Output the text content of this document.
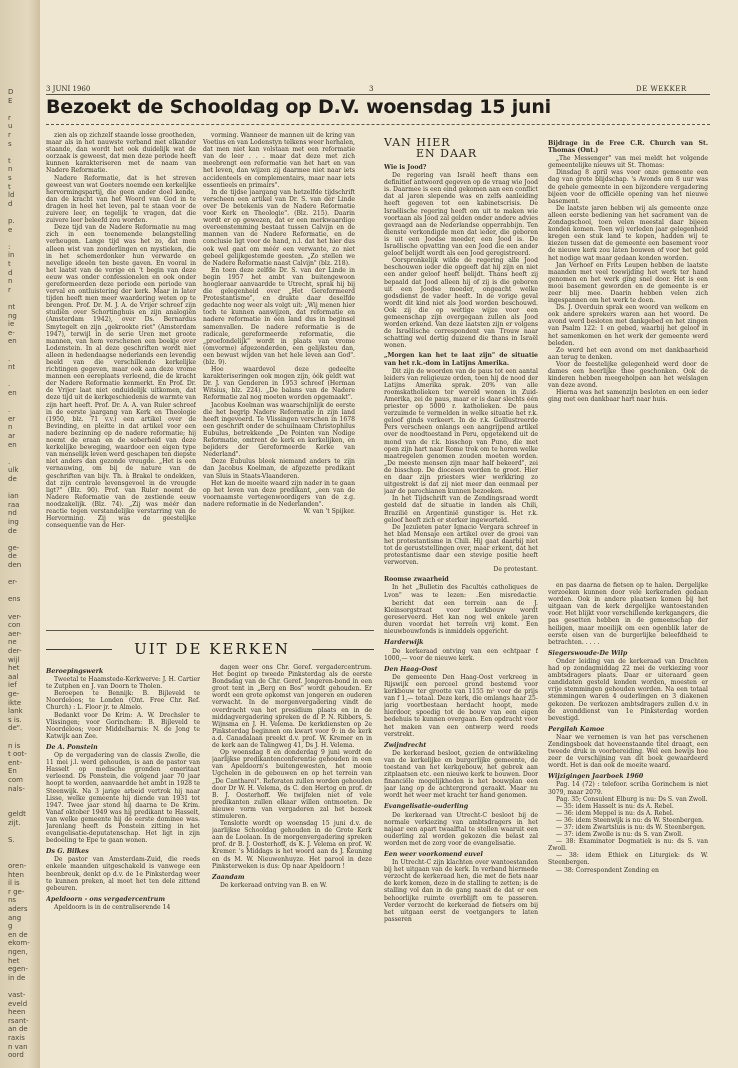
D
E
r
u
r
s
t
n
s
t
ld
d
p.
e
:
in
t
d
n
r
nt
ng
ie
e-
en
.
nt
.
en
.
er
n
ar
en
.
ulk
de
ian
raa
nd
ing
de
ge-
de
den
er-
ens
ver-
con
aer-
ne
der-
wijl
het
aal
ief
ge-
ikte
lank
s is.
de".
n is
t oot-
ent-
En
com
nals-
geldt
zijt.
S.
oren-
hten
il is
r ge-
ns
aders
ang
g
en de
ekom-
ngen,
het
egen-
in de
vast-
eveld
heen
rsant-
an de
raxis
n van
oord
3 JUNI 1960	3	DE WEKKER
Bezoekt de Schooldag op D.V. woensdag 15 juni

zien als op zichzelf staande losse grootheden, maar als in het nauwste verband met elkander staande, dan wordt het ook duidelijk wat de oorzaak is geweest, dat men deze periode heeft kunnen karakteriseren met de naam van Nadere Reformatie.

Nadere Reformatie, dat is het streven geweest van wat Goeters noemde een kerkelijke hervormingspartij, die geen ander doel kende, dan de kracht van het Woord van God in te dragen in heel het leven, pal te staan voor de zuivere leer, en tegelijk te vragen, dat die zuivere leer beleefd zou worden.

Deze tijd van de Nadere Reformatie nu mag zich in een toenemende belangstelling verheugen. Lange tijd was het zo, dat men alleen wist van zonderlingen en mystieken, die in het schemerdonker hun verwarde en nevelige ideeën ten beste gaven. En vooral in het laatst van de vorige en 't begin van deze eeuw was onder confessionelen en ook onder gereformeerden deze periode een periode van verval en ontluistering der kerk. Maar in later tijden heeft men meer waardering weten op te brengen. Prof. Dr. M. J. A. de Vrijer schreef zijn studiën over Schortinghuis en zijn analogiën (Amsterdam 1942), over Ds. Bernardus Smytegelt en zijn „gekrookte riet" (Amsterdam 1947), terwijl in de serie Uren met groote mannen, van hem verschenen een boekje over Lodenstein. In al deze geschriften wordt niet alleen in hedendaagse nederlands een levendig beeld van die verschillende kerkelijke richtingen gegeven, maar ook aan deze vrome mannen een eereplaats verleend, die de kracht der Nadere Reformatie kenmerkt. En Prof. Dr. de Vrijer laat niet onduidelijk uitkomen, dat deze tijd uit de kerkgeschiedenis de warmte van zijn hart heeft. Prof. Dr. A. A. van Ruler schreef in de eerste jaargang van Kerk en Theologie (1950, blz. 71 v.v.) een artikel over de Bevinding, en pleitte in dat artikel voor een nadere bezinning op de nadere reformatie; hij noemt de eraan en de soberheid van deze kerkelijke beweging, waardoor een eigen type van menselijk leven werd geschapen ten diepste niet anders dan gezonde vreugde. „Het is een vernauwing, om bij de nature van de geschriften van bijv. Th. à Brakel te ondekken, dat zijn centrale levensgevoel in de vreugde ligt?" (Blz. 90). Prof. van Ruler noemt de Nadere Reformatie van de zestiende eeuw noodzakelijk. (Blz. 74). „Zij was méér dan reactie tegen verstandelijke verstarring van de Hervorming. Zij was de geestelijke consequentie van de Her-

vorming. Wanneer de mannen uit de kring van Voetius en van Lodenstyn telkens weer herhalen, dat men niet kan volstaan met een reformatie van de leer . . . maar dat deze met zich meebrengt een reformatie van het hart en van het leven, dan wijzen zij daarmee niet naar iets accidenteels en complementairs, maar naar iets essentieels en primairs".

In de tijdse jaargang van hetzelfde tijdschrift verscheen een artikel van Dr. S. van der Linde over De betekenis van de Nadere Reformatie voor Kerk en Theologie". (Blz. 215). Daarin wordt er op gewezen, dat er een merkwaardige overeenstemming bestaat tussen Calvijn en de mannen van de Nadere Reformatie, en de conclusie ligt voor de hand, n.l. dat het hier dus ook wel gaat om méér een verwante, zo niet gebeel gelijkgestemde geesten. „Zo stellen we de Nadere Reformatie naast Calvijn" (blz. 218).

En toen deze zelfde Dr. S. van der Linde in begin 1957 het ambt van buitengewoon hoogleraar aanvaardde te Utrecht, sprak hij bij die gelegenheid over „Het Gereformeerd Protestantisme", en drukte daar deselfde gedachte nog weer als volgt uit: „Wij menen hier toch te kunnen aanwijzen, dat reformatie en nadere reformatie in één land dus in beginsel samenvallen. De nadere reformatie is de radicale, gereformeerde reformatie, die „proefondelijk" wordt in plaats van vrome (omvorme) afgezonderden, een gelijksteu dan, een bewust wijden van het hele leven aan God". (blz. 9).

Hoe waardevol deze gedeelte karakteriseringen ook mogen zijn, óók geldt wat Dr. J. van Genderen in 1953 schreef (Herman Witsius, blz. 224). „De balans van de Nadere Reformatie zal nog moeten worden opgemaakt".

Jacobus Koelman was waarschijnlijk de eerste die het begrip Nadere Reformatie in zijn land heeft ingevoerd. Te Vlissingen verschen in 1678 een geschrift onder de schuilnaam Christophilus Eubulus, betrekkende „De Pointen van Nodige Reformatie, omtrent de kerk en kerkelijken, en bejiders der Gereformeerde Kerke van Nederland".

Deze Eubulus bleek niemand anders te zijn dan Jacobus Koelman, de afgezette predikant van Sluis in Staats-Vlaanderen.

Het kan de moeite waard zijn nader in te gaan op het leven van deze predikant, „een van de voornaamste vertegenwoordigers van de z.g. nadere reformatie in de Nederlanden".

W. van 't Spijker.

VAN HIER
EN DAAR
Wie is Jood?

De regering van Israël heeft thans een definitief antwoord gegeven op de vraag wie Jood is. Daarmee is een eind gekomen aan een conflict dat al jaren slepende was en zelfs aanleiding heeft gegeven tot een kabinetscrisis. De Israëlische regering heeft om uit te maken wie voortaan als Jood zal gelden onder andere advies gevraagd aan de Nederlandse opperrabbijn. Ten dienste verkondigde men dat ieder, die geboren is uit een Joodse moeder, een Jood is. De Israëlische opvatting van een Jood die een ander geloof belijdt wordt als een Jood geregistreerd.

Oorspronkelijk wilde de regering alle Jood beschouwen ieder die opgeeft dat hij zijn en niet een ander geloof heeft belijdt. Thans heeft zij bepaald dat Jood alleen hij of zij is die geboren uit een Joodse moeder, ongeacht welke godsdienst de vader heeft. In de vorige geval wordt dit kind niet als Jood worden beschouwd. Ook zij die op wettige wijze voor een gemeenschap zijn overgegaan zullen als Jood worden erkend. Van deze laatsten zijn er volgens de Israëlische correspondent van Trouw naar schatting wel dertig duizend die thans in Israël wonen.

„Morgen kan het te laat zijn" de situatie van het r.k.-dom in Latijns Amerika.

Dit zijn de woorden van de paus tot een aantal leiders van religieuze orden, toen hij de nood der Latijns Amerika sprak. 20% van alle roomskatholieken ter wereld wonen in Zuid-Amerika, zei de paus, maar er is daar slechts één priester op 5000 r. katholieken. De paus verzuimde te vermelden in welke situatie het r.k. geloof ginds verkeert. In de r.k. Geïllustreerde Pers verscheen onlangs een aangrijpend artikel over de noodtoestand in Peru, opgetekend uit de mond van de r.k. bisschop van Puno, die met open zijn hart naar Rome trok om te horen welke maatregelen genomen zouden moeten worden. „De meeste mensen zijn maar half bekeerd", zei de bisschop. De diocesen worden te groot. Hier en daar zijn priesters wier werkkring zo uitgestrekt is dat zij niet meer dan eenmaal per jaar de parochianen kunnen bezoeken.

In het Tijdschrift van de Zendingsraad wordt gesteld dat de situatie in landen als Chili, Brazilië en Argentinië gunstiger is. Het r.k. geloof heeft zich er sterker ingeworteld.

De Jezuïeten pater Ignacio Vergara schreef in het blad Mensaje een artikel over de groei van het protestantisme in Chili. Hij gaat daarbij niet tot de geruststellingen over, maar erkent, dat het protestantisme daar een stevige positie heeft verworven.

De protestant.

Roomse zwaarheid

In het „Bulletin des Facultés catholiques de Lyon" was te lezen: „Een misredactie,

Bijdrage in de Free C.R. Church van St. Thomas (Ont.)

„The Messenger" van mei meldt het volgende gemeentelijke nieuws uit St. Thomas:

Dinsdag 8 april was voor onze gemeente een dag van grote blijdschap. 's Avonds om 8 uur was de gehele gemeente in een bijzondere vergadering bijeen voor de officiële opening van het nieuwe basement.

De laatste jaren hebben wij als gemeente onze alleen eerste bediening van het sacrament van de Zondagschool, toen velen meestal daar bijeen konden komen. Toen wij verleden jaar gelegenheid kregen een stuk land te kopen, hadden wij te kiezen tussen dat de gemeente een basement voor de nieuwe kerk zou laten bouwen of voor het geld het nodige wat maar gedaan konden worden.

Jan Verhoef en Frits Leupen hebben de laatste maanden met veel toewijding het werk ter hand genomen en het werk ging snel door. Het is een mooi basement geworden en de gemeente is er zeer blij mee. Daarin hebben velen zich ingespannen om het werk te doen.

Ds. J. Overduin sprak een woord van welkom en ook andere sprekers waren aan het woord. De avond werd besloten met dankgebed en het zingen van Psalm 122: 1 en gebed, waarbij het geloof in het samenkomen en het werk der gemeente werd beleden.

Zo werd het een avond om met dankbaarheid aan terug te denken.

Voor de feestelijke gelegenheid werd door de dames een heerlijke thee geschonken. Ook de kinderen hebben meegeholpen aan het welslagen van deze avond.

Hierna was het samenzijn besloten en een ieder ging met een dankbaar hart naar huis.

UIT DE KERKEN
Beroepingswerk

Tweetal te Haamstede-Kerkwerve: J. H. Cartier te Zutphen en J. van Doorn te Tholen.

Beroepen te Bennijk: B. Bijleveld te Noordeloos; te Londen (Ont. Free Chr. Ref. Church) : L. Floor jr. te Almelo.

Bedankt voor De Krim: A. W. Drechsler te Vlissingen; voor Gorinchem: B. Bijleveld te Noordeloos; voor Middelharnis: N. de Jong te Katwijk aan Zee.

De A. Ponstein

Op de vergadering van de classis Zwolle, die 11 mei j.l. werd gehouden, is aan de pastor van Hasselt op medische gronden emeritaat verleend. Ds Ponstein, die volgend jaar 70 jaar hoopt te worden, aanvaardde het ambt in 1928 te Steenwijk. Na 3 jarige arbeid vertrok hij naar Lisse, welke gemeente hij diende van 1931 tot 1947. Twee jaar stond hij daarna te De Krim. Vanaf oktober 1949 was hij predikant te Hasselt, van welke gemeente hij de eerste dominee was. Jarenlang heeft ds Ponstein zitting in het evangelisatie-deputatenschap. Het ligt in zijn bedoeling te Epe te gaan wonen.

Ds G. Bilkes

De pastor van Amsterdam-Zuid, die reeds enkele maanden uitgeschakeld is vanwege een beenbreuk, denkt op d.v. de 1e Pinksterdag weer te kunnen preken, al moet het ten dele zittend gebeuren.

Apeldoorn - ons vergadercentrum

Apeldoorn is in de centraliserende 14

dagen weer ons Chr. Geref. vergadercentrum. Het begint op tweede Pinksterdag als de eerste Bondsdag van de Chr. Geref. Jongeren-bond in een groot tent in „Berg en Bos" wordt gehouden. Er wordt een grote opkomst van jongeren en ouderen verwacht. In de morgenvergadering vindt de overdracht van het presidium plaats en in de middagvergadering spreken de dl P. N. Ribbers, S. Wijnsma en J. H. Velema. De kerkdiensten op 2e Pinksterdag beginnen om kwart voor 9: in de kerk a.d. Canadalaan preekt d.v. prof. W. Kremer en in de kerk aan de Talingweg 41, Ds J. H. Velema.

Op woensdag 8 en donderdag 9 juni wordt de jaarlijkse predikantenconferentie gehouden in een van Apeldoorn's buitengewesten, het mooie Ugchelen in de gebouwen en op het terrein van „De Cantharel". Referaten zullen worden gehouden door Dr W. H. Velema, ds C. den Hertog en prof. dr B. J. Oosterhoff. We twijfelen niet of vele predikanten zullen elkaar willen ontmoeten. De nieuwe vorm van vergaderen zal het bezoek stimuleren.

Tenslotte wordt op woensdag 15 juni d.v. de jaarlijkse Schooldag gehouden in de Grote Kerk aan de Loolaan. In de morgenvergadering spreken prof. dr B. J. Oosterhoff, ds K. J. Velema en prof. W. Kremer. 's Middags is het woord aan ds J. Keuning en ds M. W. Nieuwenhuyze. Het parool in deze Pinksterweken is dus: Op naar Apeldoorn !

Zaandam

De kerkeraad ontving van B. en W.

bericht dat een terrein aan de J. Kleinsorgstraat voor kerkbouw wordt gereserveerd. Het kan nog wel enkele jaren duren voordat het terrein vrij komt. Een nieuwbouwfonds is inmiddels opgericht.

Harderwijk

De kerkeraad ontving van een echtpaar f 1000,— voor de nieuwe kerk.

Den Haag-Oost

De gemeente Den Haag-Oost verkreeg in Rijswijk een perceel grond bestemd voor kerkbouw ter grootte van 1155 m² voor de prijs van f 1,— totaal. Deze kerk, die omlangs haar 25-jarig voortbestaan herdacht hoopt, mede hierdoor, spoedig tot de bouw van een eigen bedehuis te kunnen overgaan. Een opdracht voor het maken van een ontwerp werd reeds verstrekt.

Zwijndrecht

De kerkeraad besloot, gezien de ontwikkeling van de kerkelijke en burgerlijke gemeente, de toestand van het kerkgebouw, het gebrek aan zitplaatsen etc. een nieuwe kerk te bouwen. Door financiële mogelijkheden is het bouwplan een jaar lang op de achtergrond geraakt. Maar nu wordt het weer met kracht ter hand genomen.

Evangelisatie-ouderling

De kerkeraad van Utrecht-C besloot bij de normale verkiezing van ambtsdragers in het najaar een apart twaalftal te stellen waaruit een ouderling zal worden gekozen die belast zal worden met de zorg voor de evangelisatie.

Een weer voorkomend euvel

In Utrecht-C zijn klachten over wantoestanden bij het uitgaan van de kerk. In verband hiermede verzocht de kerkeraad hen, die met de fiets naar de kerk komen, deze in de stalling te zetten; is de stalling vol dan in de gang naast de dat er een behoorlijke ruimte overblijft om te passeren. Verder verzocht de kerkeraad de fietsers om bij het uitgaan eerst de voetgangers te laten passeren

en pas daarna de fietsen op te halen. Dergelijke verzoeken kunnen door vele kerkeraden gedaan worden. Ook in andere plaatsen komen bij het uitgaan van de kerk dergelijke wantoestanden voor. Het blijkt voor verschillende kerkgangers, die pas gesetten hebben in de gemeenschap der heiligen, maar moeilijk om een ogenblik later de eerste eisen van de burgerlijke beleefdheid te betrachten. . . . .

Siegerswoude-De Wilp

Onder leiding van de kerkeraad van Drachten had op zondagmiddag 22 mei de verkiezing voor ambtsdragers plaats. Daar er uiteraard geen candidaten gesteld konden worden, moesten er vrije stemmingen gehouden worden. Na een totaal stemmingen waren 4 ouderlingen en 3 diakenen gekozen. De verkozen ambtsdragers zullen d.v. in de avonddienst van 1e Pinksterdag worden bevestigd.

Pergilah Kamoe

Naar we vernemen is van het pas verschenen Zendingsboek dat hoveenstaande titel draagt, een tweede druk in voorbereiding. Wel een bewijs hoe zeer de verschijning van dit boek gewaardeerd wordt. Het is dan ook de moeite waard.

Wijzigingen Jaarboek 1960

Pag. 14 (72) : telefoor. scriba Gorinchem is niet 3079, maar 2079.

Pag. 35; Consulent Elburg is nu: Ds S. van Zwoll.

— 35: idem Hasselt is nu: ds A. Rebel.

— 36: idem Meppel is nu: ds A. Rebel.

— 36: idem Steenwijk is nu: ds W. Steenbergen.

— 37: idem Zwartsluis is nu: ds W. Steenbergen.

— 37: idem Zwolle is nu: ds S. van Zwoll.

— 38: Examinator Dogmatiek is nu: ds S. van Zwoll.

— 38: idem Ethiek en Liturgiek: ds W. Steenbergen.

— 38: Correspondent Zending en
